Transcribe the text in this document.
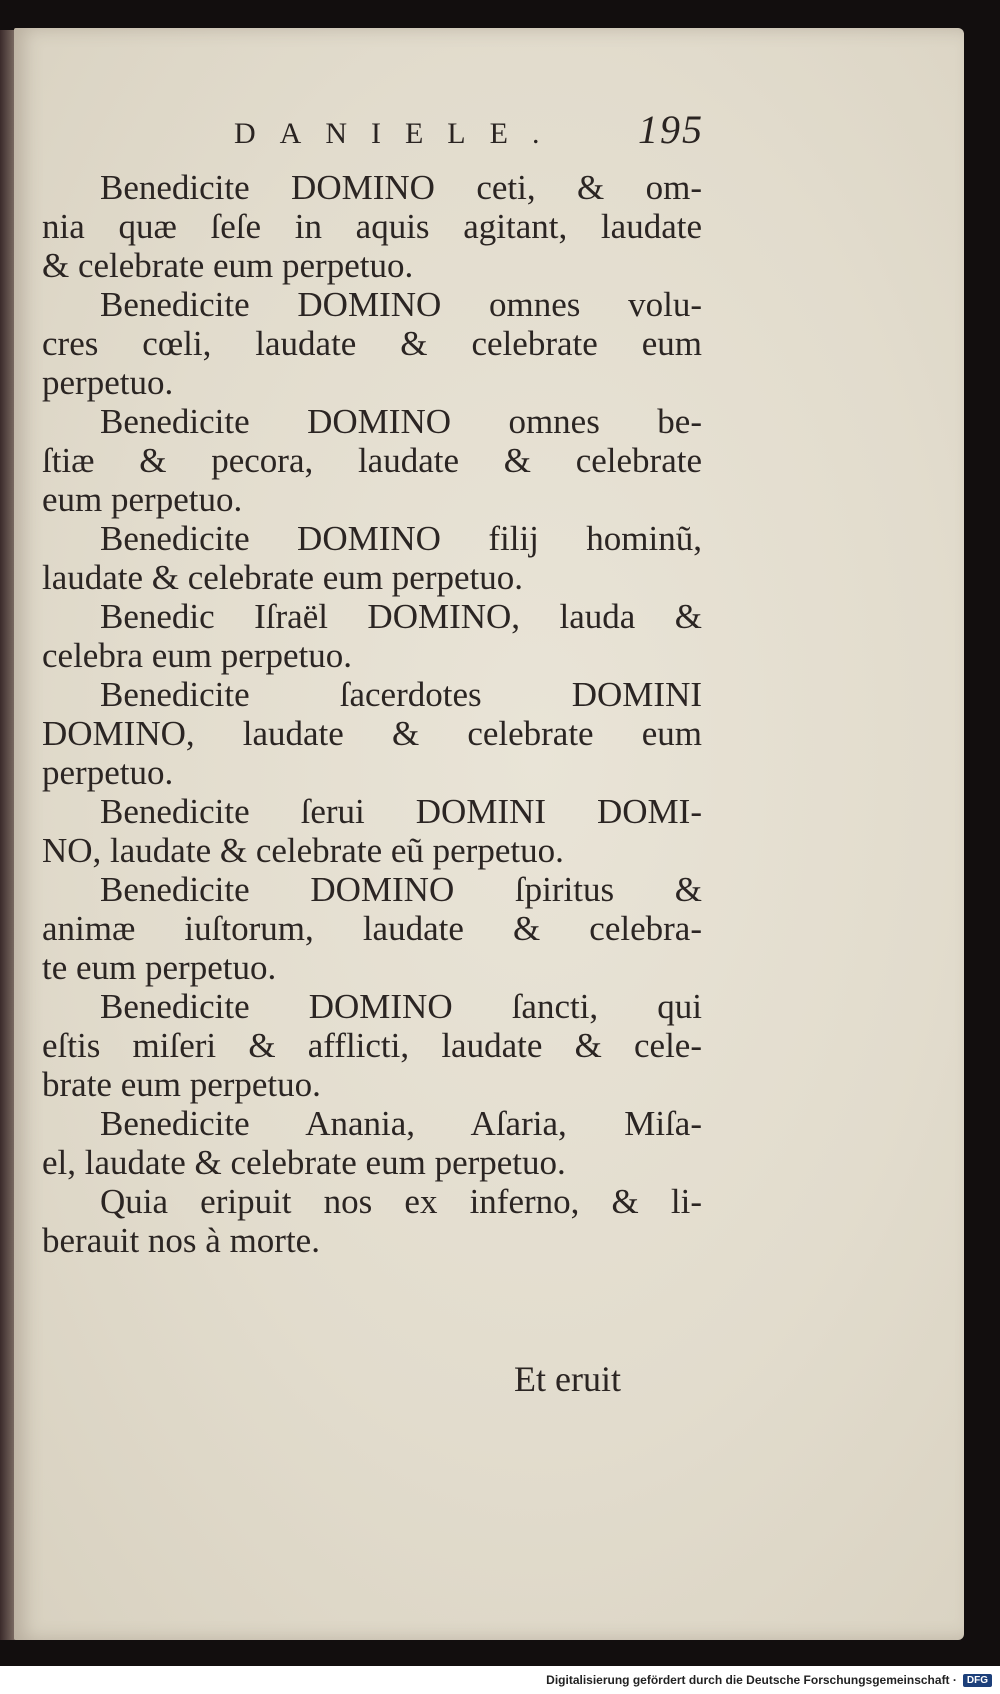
DANIELE. 195
Benedicite DOMINO ceti, & om-
nia quæ ſeſe in aquis agitant, laudate
& celebrate eum perpetuo.
Benedicite DOMINO omnes volu-
cres cœli, laudate & celebrate eum
perpetuo.
Benedicite DOMINO omnes be-
ſtiæ & pecora, laudate & celebrate
eum perpetuo.
Benedicite DOMINO filij hominũ,
laudate & celebrate eum perpetuo.
Benedic Iſraël DOMINO, lauda &
celebra eum perpetuo.
Benedicite ſacerdotes DOMINI
DOMINO, laudate & celebrate eum
perpetuo.
Benedicite ſerui DOMINI DOMI-
NO, laudate & celebrate eũ perpetuo.
Benedicite DOMINO ſpiritus &
animæ iuſtorum, laudate & celebra-
te eum perpetuo.
Benedicite DOMINO ſancti, qui
eſtis miſeri & afflicti, laudate & cele-
brate eum perpetuo.
Benedicite Anania, Aſaria, Miſa-
el, laudate & celebrate eum perpetuo.
Quia eripuit nos ex inferno, & li-
berauit nos à morte.
Et eruit
Digitalisierung gefördert durch die Deutsche Forschungsgemeinschaft ·	DFG
